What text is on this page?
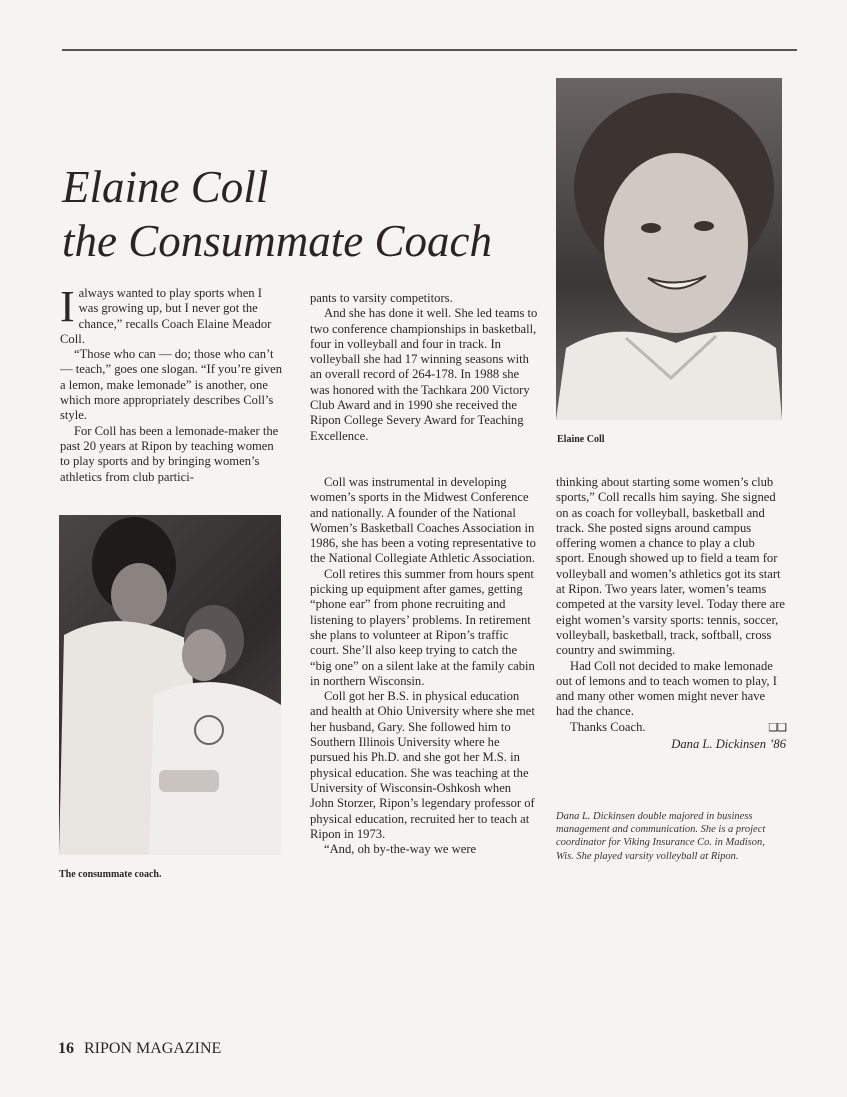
Elaine Coll
the Consummate Coach

Ialways wanted to play sports when I was growing up, but I never got the chance,” recalls Coach Elaine Meador Coll.

“Those who can — do; those who can’t — teach,” goes one slogan. “If you’re given a lemon, make lemonade” is another, one which more appropriately describes Coll’s style.

For Coll has been a lemonade-maker the past 20 years at Ripon by teaching women to play sports and by bringing women’s athletics from club partici-

pants to varsity competitors.

And she has done it well. She led teams to two conference championships in basketball, four in volleyball and four in track. In volleyball she had 17 winning seasons with an overall record of 264-178. In 1988 she was honored with the Tachkara 200 Victory Club Award and in 1990 she received the Ripon College Severy Award for Teaching Excellence.

Coll was instrumental in developing women’s sports in the Midwest Conference and nationally. A founder of the National Women’s Basketball Coaches Association in 1986, she has been a voting representative to the National Collegiate Athletic Association.

Coll retires this summer from hours spent picking up equipment after games, getting “phone ear” from phone recruiting and listening to players’ problems. In retirement she plans to volunteer at Ripon’s traffic court. She’ll also keep trying to catch the “big one” on a silent lake at the family cabin in northern Wisconsin.

Coll got her B.S. in physical education and health at Ohio University where she met her husband, Gary. She followed him to Southern Illinois University where he pursued his Ph.D. and she got her M.S. in physical education. She was teaching at the University of Wisconsin-Oshkosh when John Storzer, Ripon’s legendary professor of physical education, recruited her to teach at Ripon in 1973.

“And, oh by-the-way we were

thinking about starting some women’s club sports,” Coll recalls him saying. She signed on as coach for volleyball, basketball and track. She posted signs around campus offering women a chance to play a club sport. Enough showed up to field a team for volleyball and women’s athletics got its start at Ripon. Two years later, women’s teams competed at the varsity level. Today there are eight women’s varsity sports: tennis, soccer, volleyball, basketball, track, softball, cross country and swimming.

Had Coll not decided to make lemonade out of lemons and to teach women to play, I and many other women might never have had the chance.

Thanks Coach.	❑❑

Dana L. Dickinsen ’86

Dana L. Dickinsen double majored in business management and communication. She is a project coordinator for Viking Insurance Co. in Madison, Wis. She played varsity volleyball at Ripon.

The consummate coach.
Elaine Coll
16 RIPON MAGAZINE
